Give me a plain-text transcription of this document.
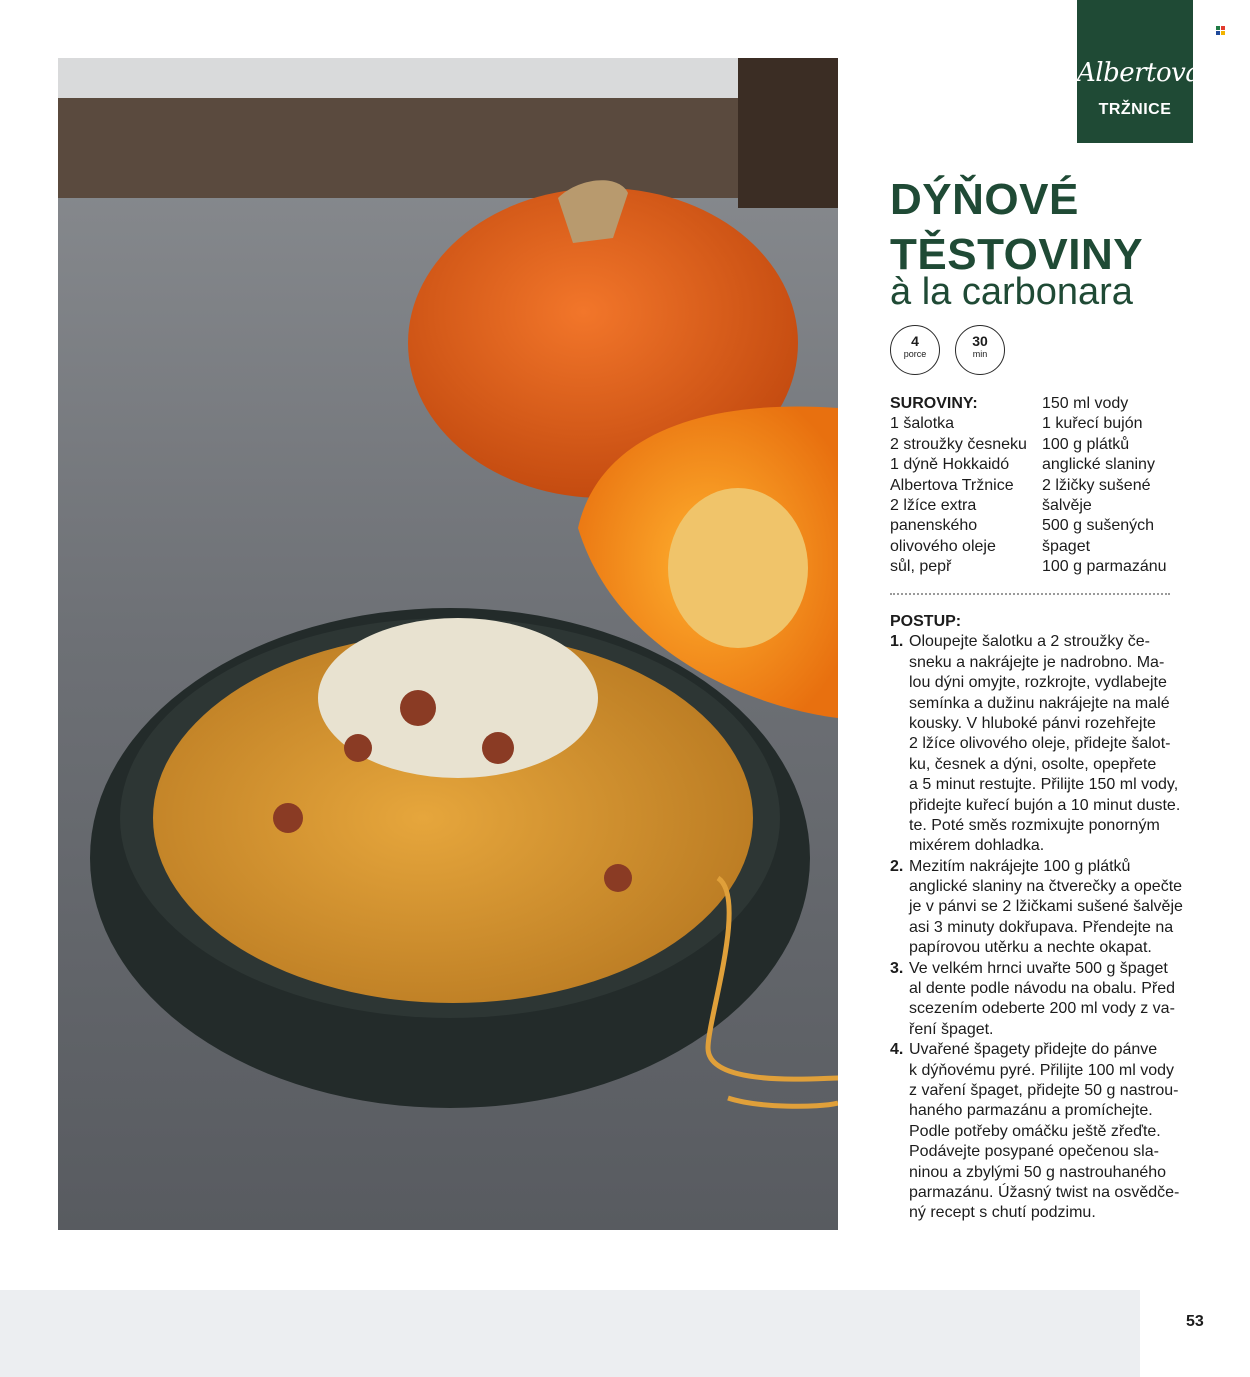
Albertova
TRŽNICE
DÝŇOVÉ
TĚSTOVINY
à la carbonara
4
porce
30
min
SUROVINY:
1 šalotka
2 stroužky česneku
1 dýně Hokkaidó
Albertova Tržnice
2 lžíce extra
panenského
olivového oleje
sůl, pepř
150 ml vody
1 kuřecí bujón
100 g plátků
anglické slaniny
2 lžičky sušené
šalvěje
500 g sušených
špaget
100 g parmazánu
POSTUP:
1. Oloupejte šalotku a 2 stroužky če-
sneku a nakrájejte je nadrobno. Ma-
lou dýni omyjte, rozkrojte, vydlabejte
semínka a dužinu nakrájejte na malé
kousky. V hluboké pánvi rozehřejte
2 lžíce olivového oleje, přidejte šalot-
ku, česnek a dýni, osolte, opepřete
a 5 minut restujte. Přilijte 150 ml vody,
přidejte kuřecí bujón a 10 minut duste.
te. Poté směs rozmixujte ponorným
mixérem dohladka.
2. Mezitím nakrájejte 100 g plátků
anglické slaniny na čtverečky a opečte
je v pánvi se 2 lžičkami sušené šalvěje
asi 3 minuty dokřupava. Přendejte na
papírovou utěrku a nechte okapat.
3. Ve velkém hrnci uvařte 500 g špaget
al dente podle návodu na obalu. Před
scezením odeberte 200 ml vody z va-
ření špaget.
4. Uvařené špagety přidejte do pánve
k dýňovému pyré. Přilijte 100 ml vody
z vaření špaget, přidejte 50 g nastrou-
haného parmazánu a promíchejte.
Podle potřeby omáčku ještě zřeďte.
Podávejte posypané opečenou sla-
ninou a zbylými 50 g nastrouhaného
parmazánu. Úžasný twist na osvědče-
ný recept s chutí podzimu.
53
